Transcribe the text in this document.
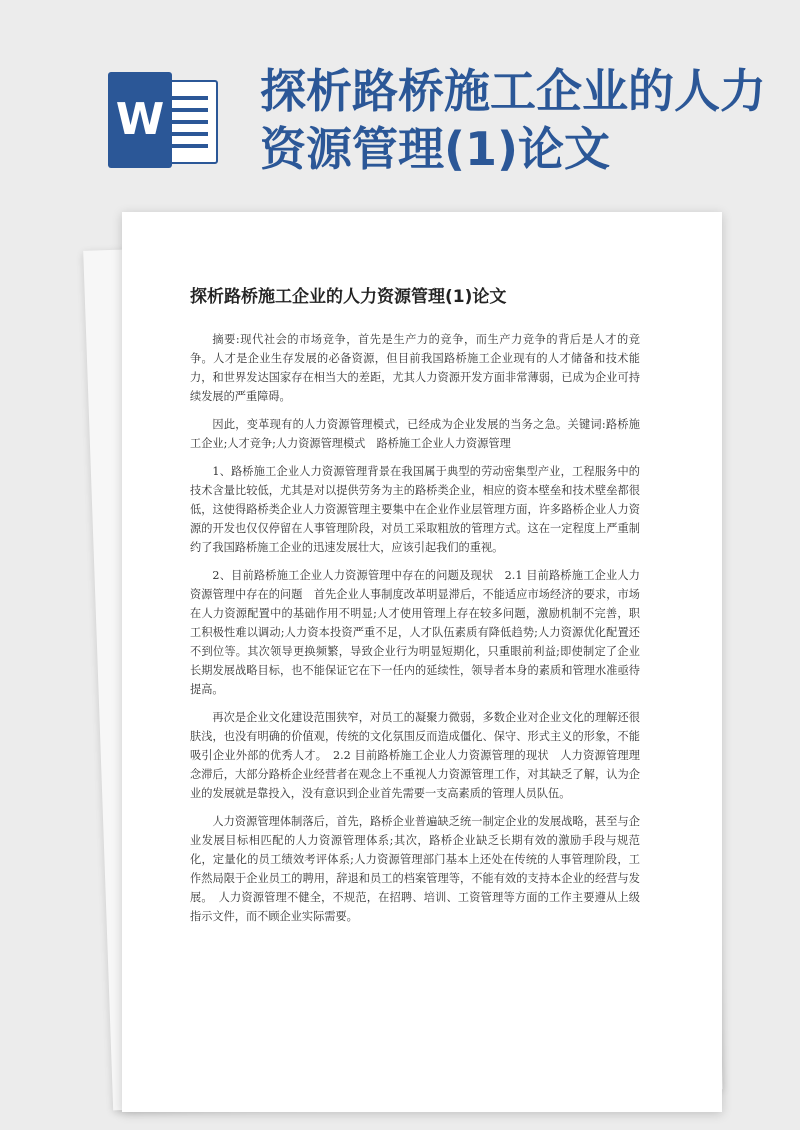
W
探析路桥施工企业的人力资源管理(1)论文
探析路桥施工企业的人力资源管理(1)论文

摘要:现代社会的市场竞争，首先是生产力的竞争，而生产力竞争的背后是人才的竞争。人才是企业生存发展的必备资源，但目前我国路桥施工企业现有的人才储备和技术能力，和世界发达国家存在相当大的差距，尤其人力资源开发方面非常薄弱，已成为企业可持续发展的严重障碍。

因此，变革现有的人力资源管理模式，已经成为企业发展的当务之急。关键词:路桥施工企业;人才竞争;人力资源管理模式　路桥施工企业人力资源管理

1、路桥施工企业人力资源管理背景在我国属于典型的劳动密集型产业，工程服务中的技术含量比较低，尤其是对以提供劳务为主的路桥类企业，相应的资本壁垒和技术壁垒都很低，这使得路桥类企业人力资源管理主要集中在企业作业层管理方面，许多路桥企业人力资源的开发也仅仅停留在人事管理阶段，对员工采取粗放的管理方式。这在一定程度上严重制约了我国路桥施工企业的迅速发展壮大，应该引起我们的重视。

2、目前路桥施工企业人力资源管理中存在的问题及现状　2.1 目前路桥施工企业人力资源管理中存在的问题　首先企业人事制度改革明显滞后，不能适应市场经济的要求，市场在人力资源配置中的基础作用不明显;人才使用管理上存在较多问题，激励机制不完善，职工积极性难以调动;人力资本投资严重不足，人才队伍素质有降低趋势;人力资源优化配置还不到位等。其次领导更换频繁，导致企业行为明显短期化，只重眼前利益;即使制定了企业长期发展战略目标，也不能保证它在下一任内的延续性，领导者本身的素质和管理水准亟待提高。

再次是企业文化建设范围狭窄，对员工的凝聚力微弱，多数企业对企业文化的理解还很肤浅，也没有明确的价值观，传统的文化氛围反而造成僵化、保守、形式主义的形象，不能吸引企业外部的优秀人才。　2.2 目前路桥施工企业人力资源管理的现状　人力资源管理理念滞后，大部分路桥企业经营者在观念上不重视人力资源管理工作，对其缺乏了解，认为企业的发展就是靠投入，没有意识到企业首先需要一支高素质的管理人员队伍。

人力资源管理体制落后，首先，路桥企业普遍缺乏统一制定企业的发展战略，甚至与企业发展目标相匹配的人力资源管理体系;其次，路桥企业缺乏长期有效的激励手段与规范化，定量化的员工绩效考评体系;人力资源管理部门基本上还处在传统的人事管理阶段，工作然局限于企业员工的聘用，辞退和员工的档案管理等，不能有效的支持本企业的经营与发展。　人力资源管理不健全，不规范，在招聘、培训、工资管理等方面的工作主要遵从上级指示文件，而不顾企业实际需要。
